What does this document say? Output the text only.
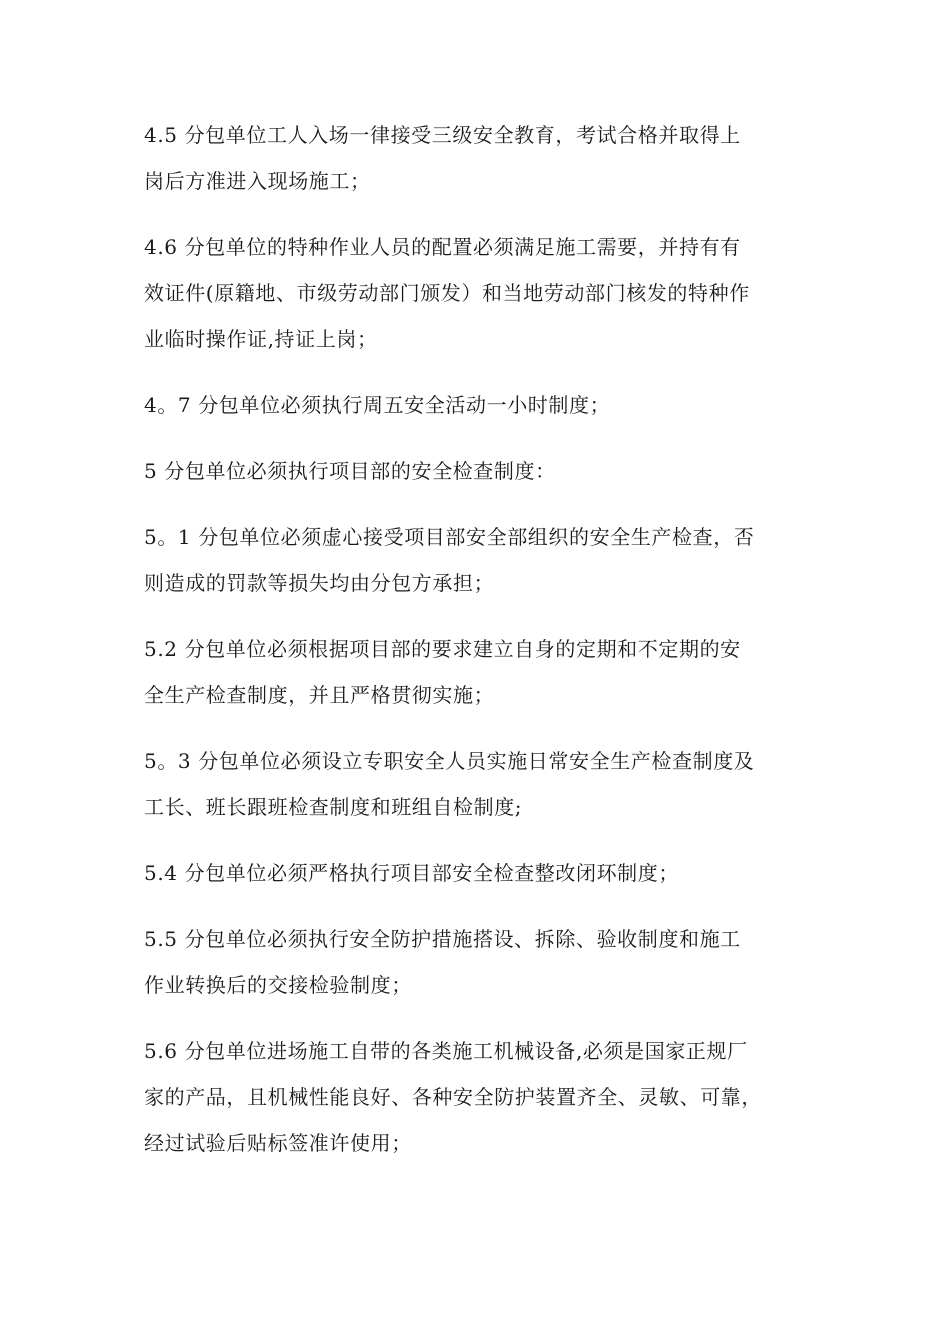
4.5 分包单位工人入场一律接受三级安全教育，考试合格并取得上
岗后方准进入现场施工；

4.6 分包单位的特种作业人员的配置必须满足施工需要，并持有有
效证件(原籍地、市级劳动部门颁发）和当地劳动部门核发的特种作
业临时操作证,持证上岗；

4。7 分包单位必须执行周五安全活动一小时制度；

5 分包单位必须执行项目部的安全检查制度：

5。1 分包单位必须虚心接受项目部安全部组织的安全生产检查，否
则造成的罚款等损失均由分包方承担；

5.2 分包单位必须根据项目部的要求建立自身的定期和不定期的安
全生产检查制度，并且严格贯彻实施；

5。3 分包单位必须设立专职安全人员实施日常安全生产检查制度及
工长、班长跟班检查制度和班组自检制度;

5.4 分包单位必须严格执行项目部安全检查整改闭环制度；

5.5 分包单位必须执行安全防护措施搭设、拆除、验收制度和施工
作业转换后的交接检验制度；

5.6 分包单位进场施工自带的各类施工机械设备,必须是国家正规厂
家的产品，且机械性能良好、各种安全防护装置齐全、灵敏、可靠，
经过试验后贴标签准许使用；
